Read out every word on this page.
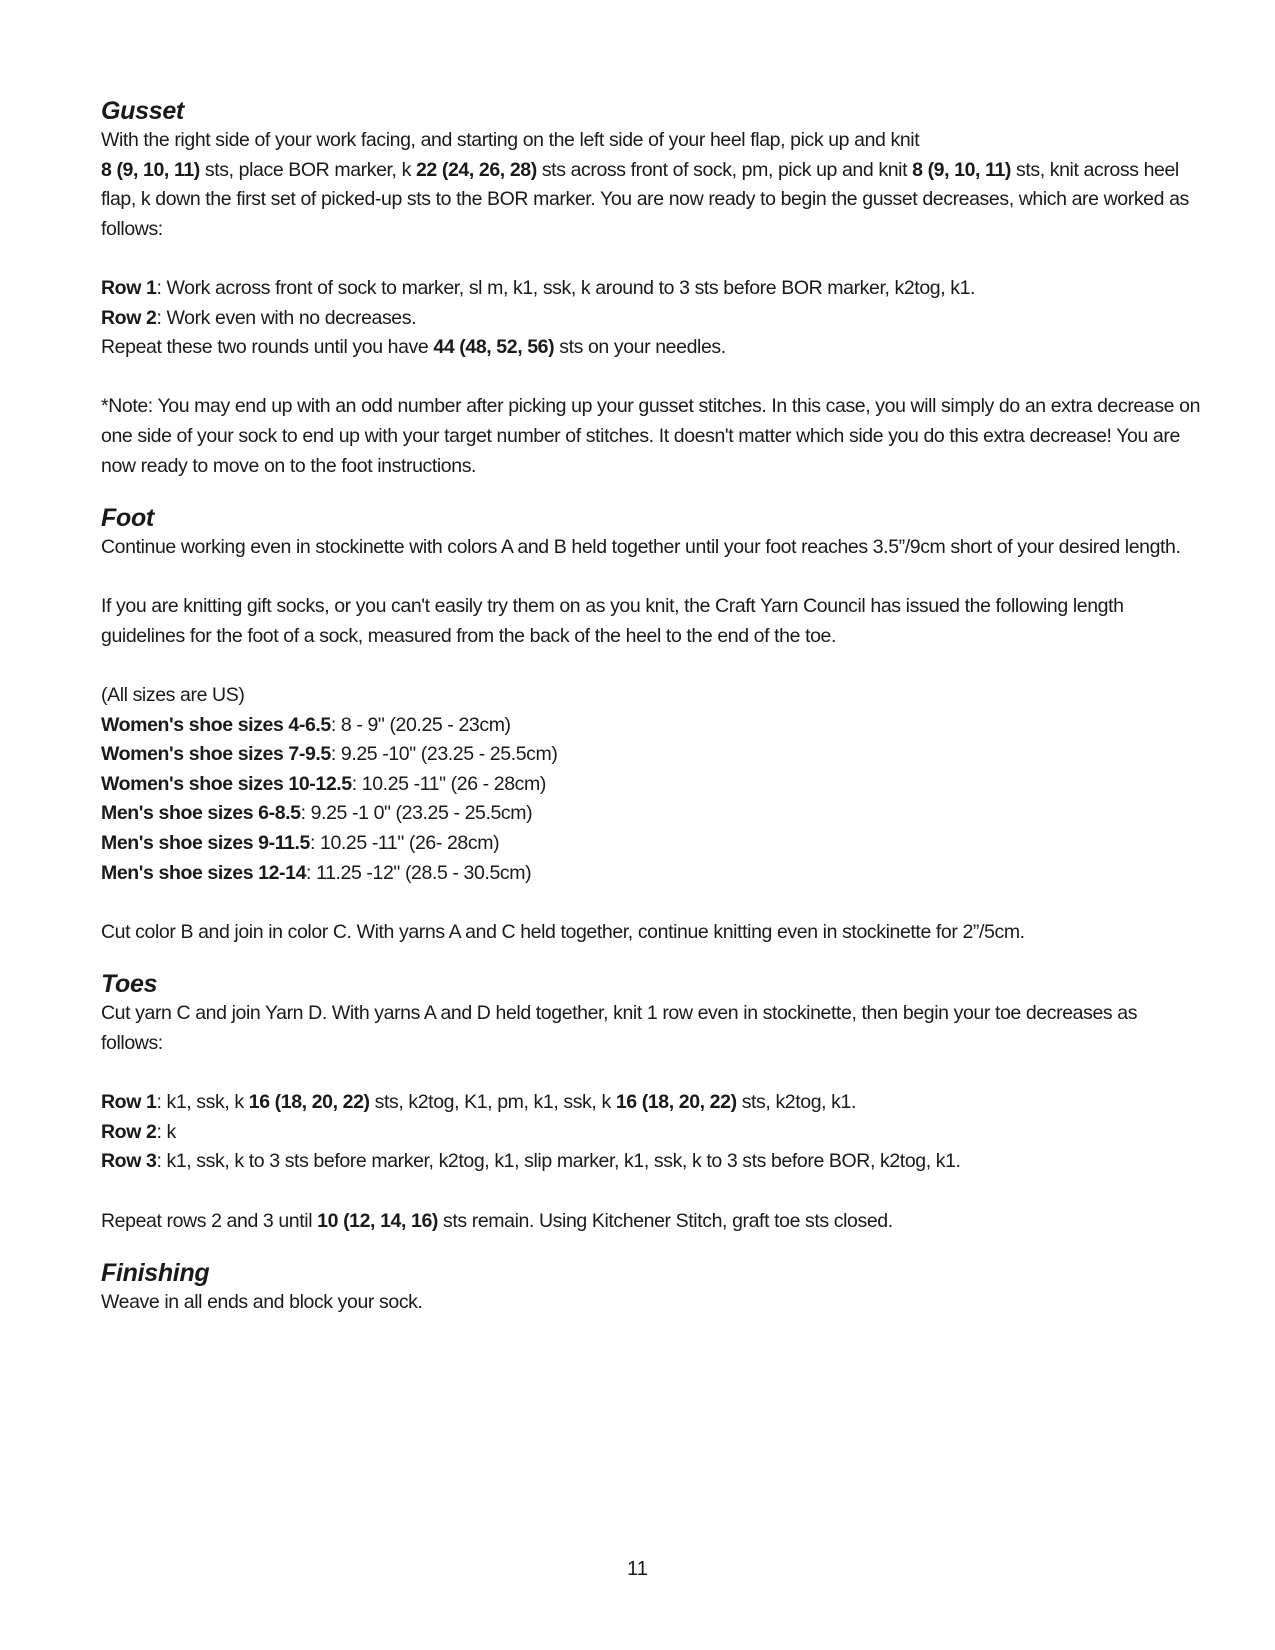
Gusset

With the right side of your work facing, and starting on the left side of your heel flap, pick up and knit

8 (9, 10, 11) sts, place BOR marker, k 22 (24, 26, 28) sts across front of sock, pm, pick up and knit 8 (9, 10, 11) sts, knit across heel flap, k down the first set of picked-up sts to the BOR marker. You are now ready to begin the gusset decreases, which are worked as follows:

Row 1: Work across front of sock to marker, sl m, k1, ssk, k around to 3 sts before BOR marker, k2tog, k1.

Row 2: Work even with no decreases.

Repeat these two rounds until you have 44 (48, 52, 56) sts on your needles.

*Note: You may end up with an odd number after picking up your gusset stitches. In this case, you will simply do an extra decrease on one side of your sock to end up with your target number of stitches. It doesn't matter which side you do this extra decrease! You are now ready to move on to the foot instructions.

Foot

Continue working even in stockinette with colors A and B held together until your foot reaches 3.5”/9cm short of your desired length.

If you are knitting gift socks, or you can't easily try them on as you knit, the Craft Yarn Council has issued the following length guidelines for the foot of a sock, measured from the back of the heel to the end of the toe.

(All sizes are US)

Women's shoe sizes 4-6.5: 8 - 9" (20.25 - 23cm)

Women's shoe sizes 7-9.5: 9.25 -10" (23.25 - 25.5cm)

Women's shoe sizes 10-12.5: 10.25 -11" (26 - 28cm)

Men's shoe sizes 6-8.5: 9.25 -1 0" (23.25 - 25.5cm)

Men's shoe sizes 9-11.5: 10.25 -11" (26- 28cm)

Men's shoe sizes 12-14: 11.25 -12" (28.5 - 30.5cm)

Cut color B and join in color C. With yarns A and C held together, continue knitting even in stockinette for 2”/5cm.

Toes

Cut yarn C and join Yarn D. With yarns A and D held together, knit 1 row even in stockinette, then begin your toe decreases as follows:

Row 1: k1, ssk, k 16 (18, 20, 22) sts, k2tog, K1, pm, k1, ssk, k 16 (18, 20, 22) sts, k2tog, k1.

Row 2: k

Row 3: k1, ssk, k to 3 sts before marker, k2tog, k1, slip marker, k1, ssk, k to 3 sts before BOR, k2tog, k1.

Repeat rows 2 and 3 until 10 (12, 14, 16) sts remain. Using Kitchener Stitch, graft toe sts closed.

Finishing

Weave in all ends and block your sock.

11
